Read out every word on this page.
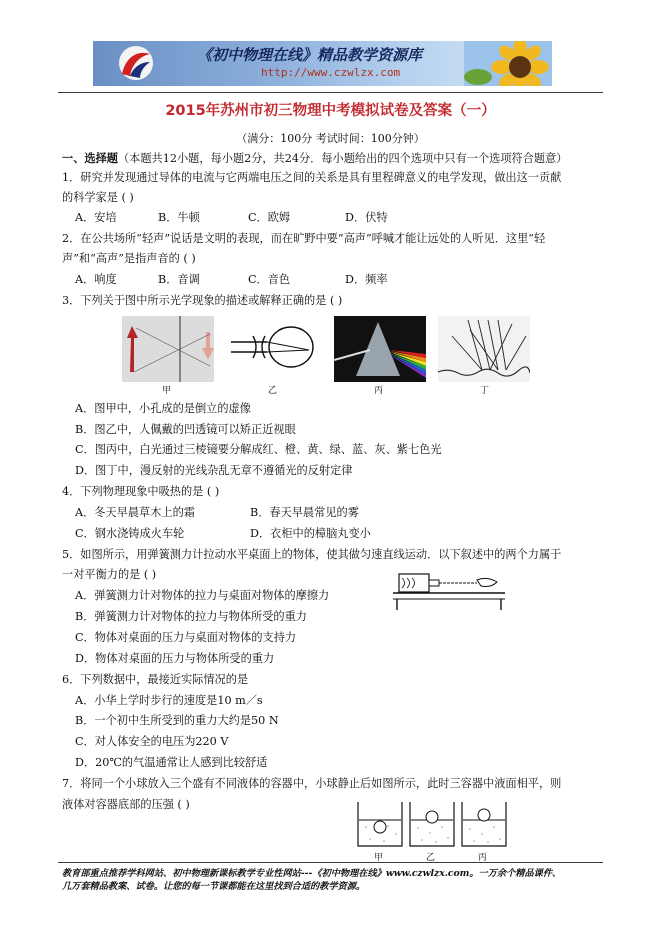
《初中物理在线》精品教学资源库
http://www.czwlzx.com
2015年苏州市初三物理中考模拟试卷及答案（一）
（满分：100分 考试时间：100分钟）
一、选择题（本题共12小题，每小题2分，共24分．每小题给出的四个选项中只有一个选项符合题意）
1．研究并发现通过导体的电流与它两端电压之间的关系是具有里程碑意义的电学发现，做出这一贡献
的科学家是 ( )
A．安培	B．牛顿	C．欧姆	D．伏特
2．在公共场所“轻声”说话是文明的表现，而在旷野中要“高声”呼喊才能让远处的人听见．这里“轻
声”和“高声”是指声音的 ( )
A．响度	B．音调	C．音色	D．频率
3．下列关于图中所示光学现象的描述或解释正确的是 ( )
甲	乙	丙	丁
A．图甲中，小孔成的是倒立的虚像
B．图乙中，人佩戴的凹透镜可以矫正近视眼
C．图丙中，白光通过三棱镜要分解成红、橙、黄、绿、蓝、灰、紫七色光
D．图丁中，漫反射的光线杂乱无章不遵循光的反射定律
4．下列物理现象中吸热的是 ( )
A．冬天早晨草木上的霜	B．春天早晨常见的雾
C．钢水浇铸成火车轮	D．衣柜中的樟脑丸变小
5．如图所示，用弹簧测力计拉动水平桌面上的物体，使其做匀速直线运动．以下叙述中的两个力属于
一对平衡力的是 ( )
A．弹簧测力计对物体的拉力与桌面对物体的摩擦力
B．弹簧测力计对物体的拉力与物体所受的重力
C．物体对桌面的压力与桌面对物体的支持力
D．物体对桌面的压力与物体所受的重力
6．下列数据中，最接近实际情况的是
A．小华上学时步行的速度是10 m／s
B．一个初中生所受到的重力大约是50 N
C．对人体安全的电压为220 V
D．20℃的气温通常让人感到比较舒适
7．将同一个小球放入三个盛有不同液体的容器中，小球静止后如图所示，此时三容器中液面相平，则
液体对容器底部的压强 ( )
甲	乙	丙
教育部重点推荐学科网站、初中物理新课标教学专业性网站---《初中物理在线》www.czwlzx.com。一万余个精品课件、
几万套精品教案、试卷。让您的每一节课都能在这里找到合适的教学资源。
